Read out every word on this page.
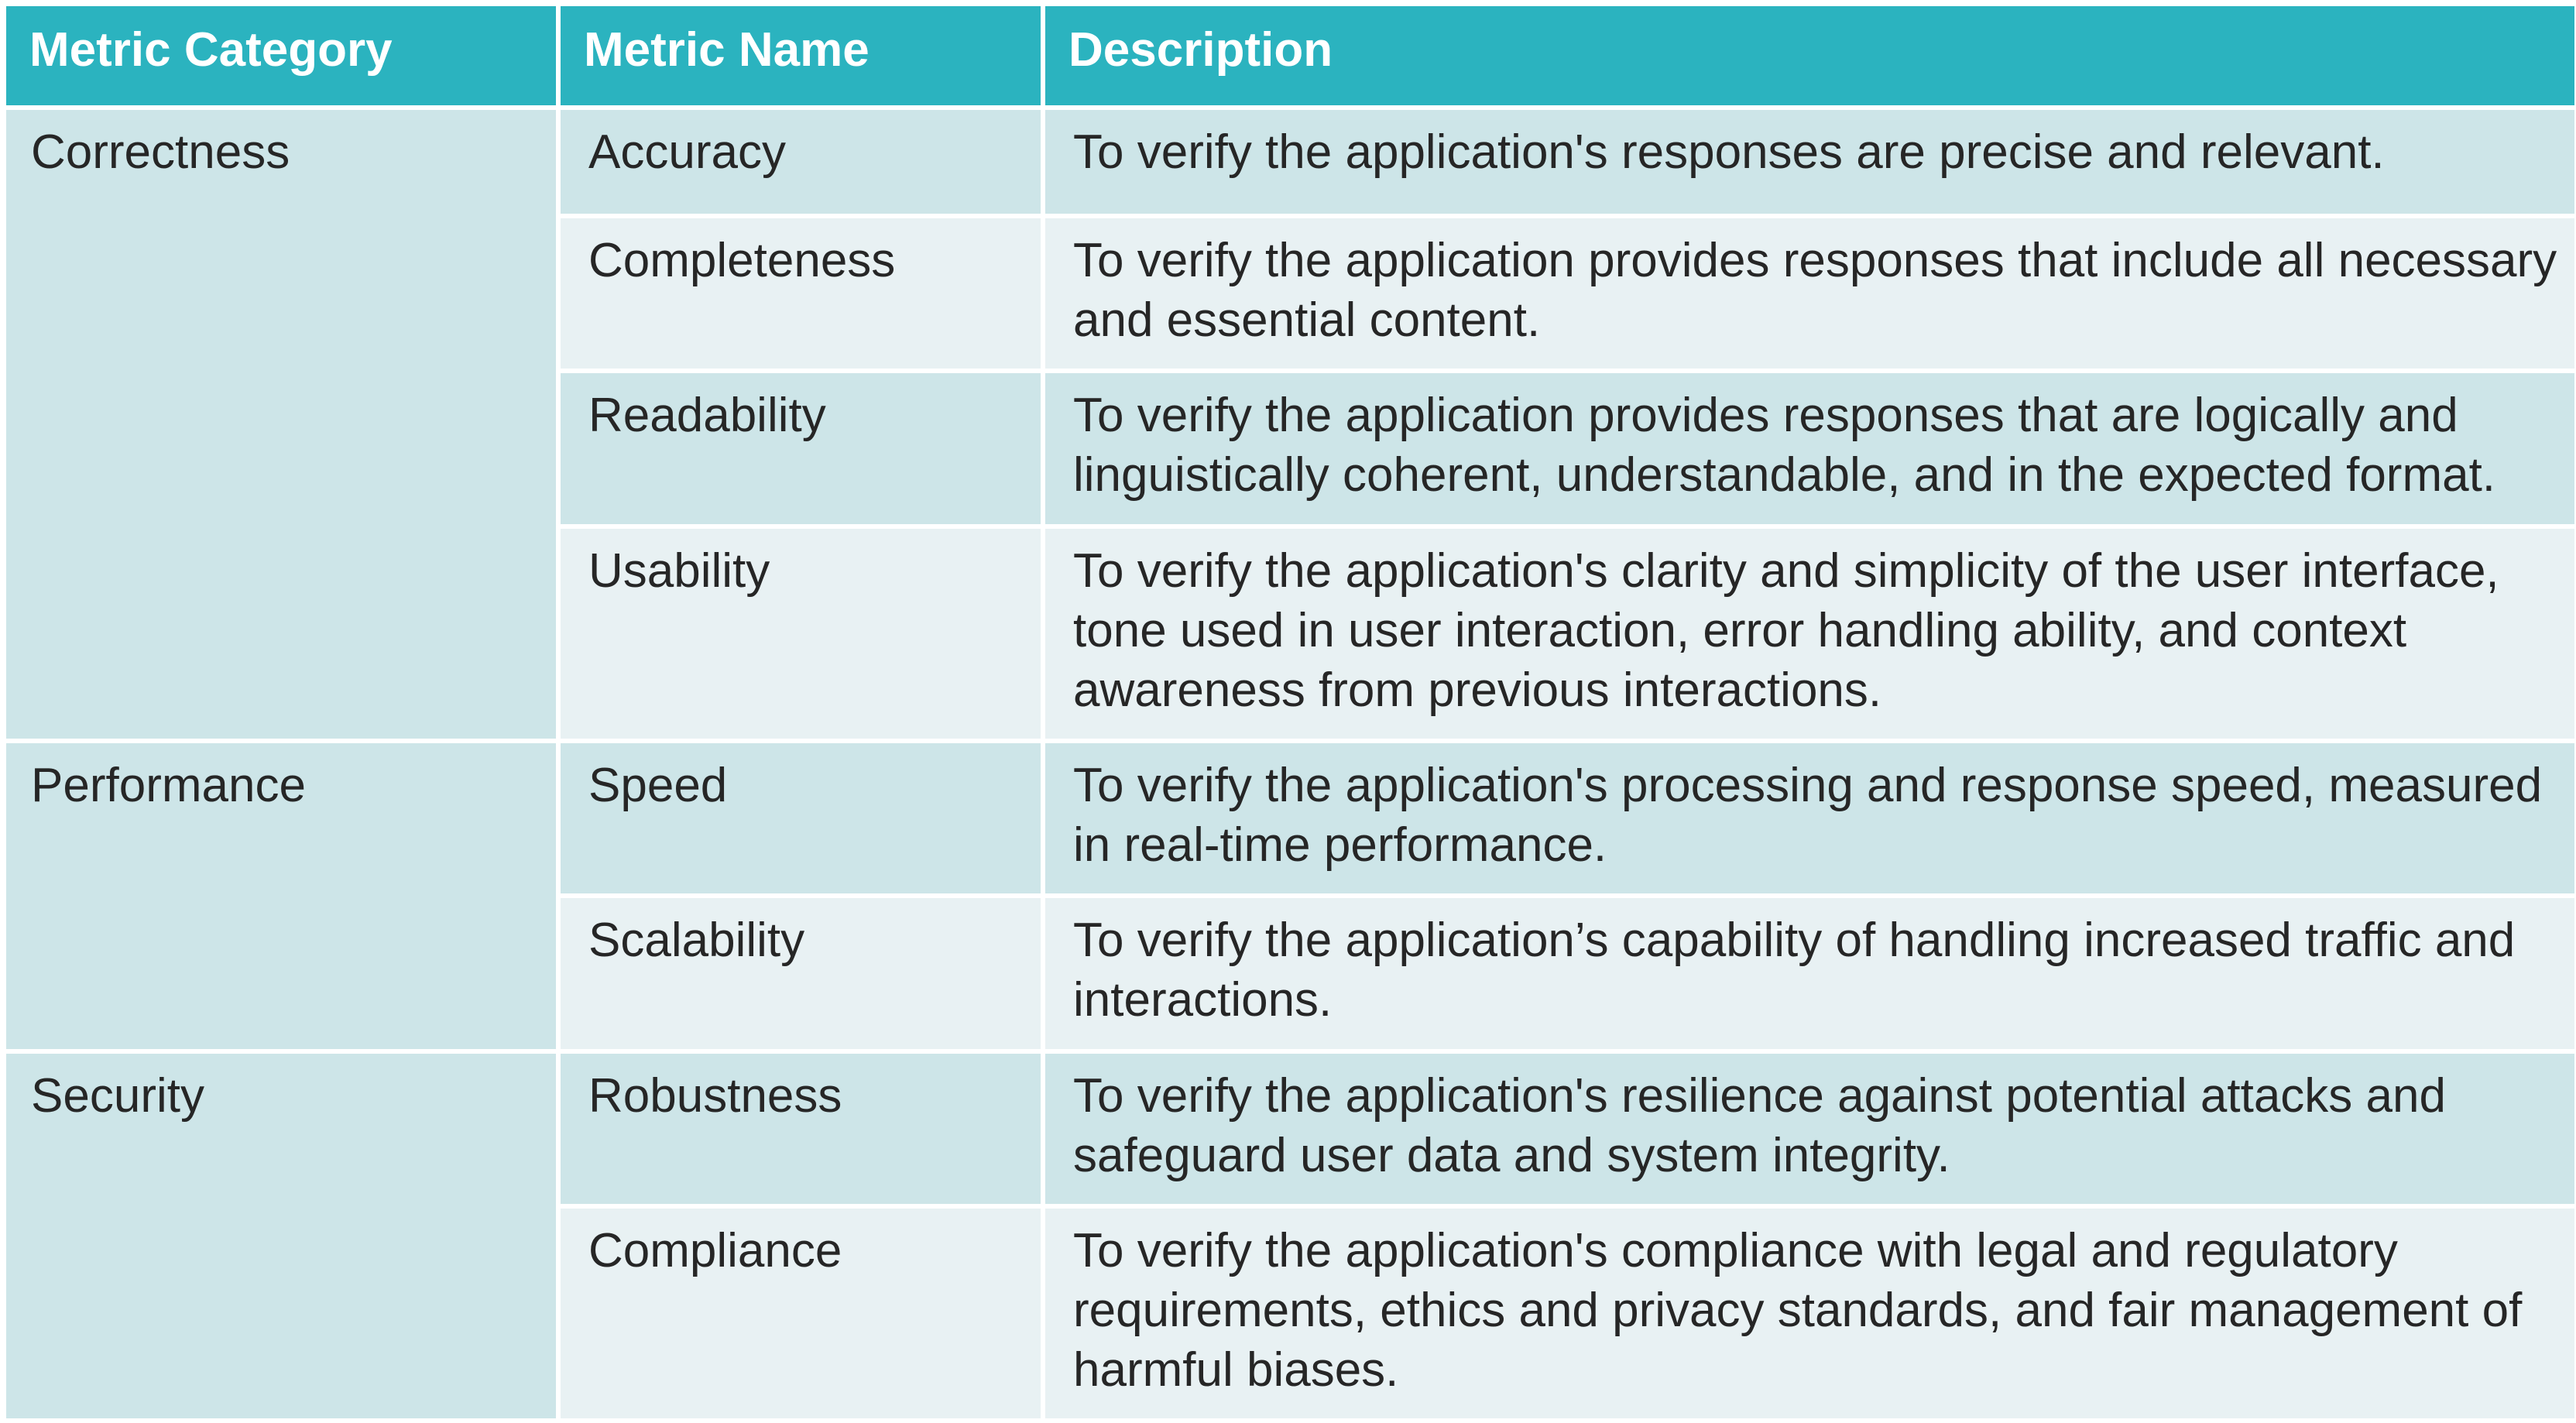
Metric Category	Metric Name	Description
Correctness	Accuracy	To verify the application's responses are precise and relevant.
	Completeness	To verify the application provides responses that include all necessary and essential content.
	Readability	To verify the application provides responses that are logically and linguistically coherent, understandable, and in the expected format.
	Usability	To verify the application's clarity and simplicity of the user interface, tone used in user interaction, error handling ability, and context awareness from previous interactions.
Performance	Speed	To verify the application's processing and response speed, measured in real-time performance.
	Scalability	To verify the application’s capability of handling increased traffic and interactions.
Security	Robustness	To verify the application's resilience against potential attacks and safeguard user data and system integrity.
	Compliance	To verify the application's compliance with legal and regulatory requirements, ethics and privacy standards, and fair management of harmful biases.
